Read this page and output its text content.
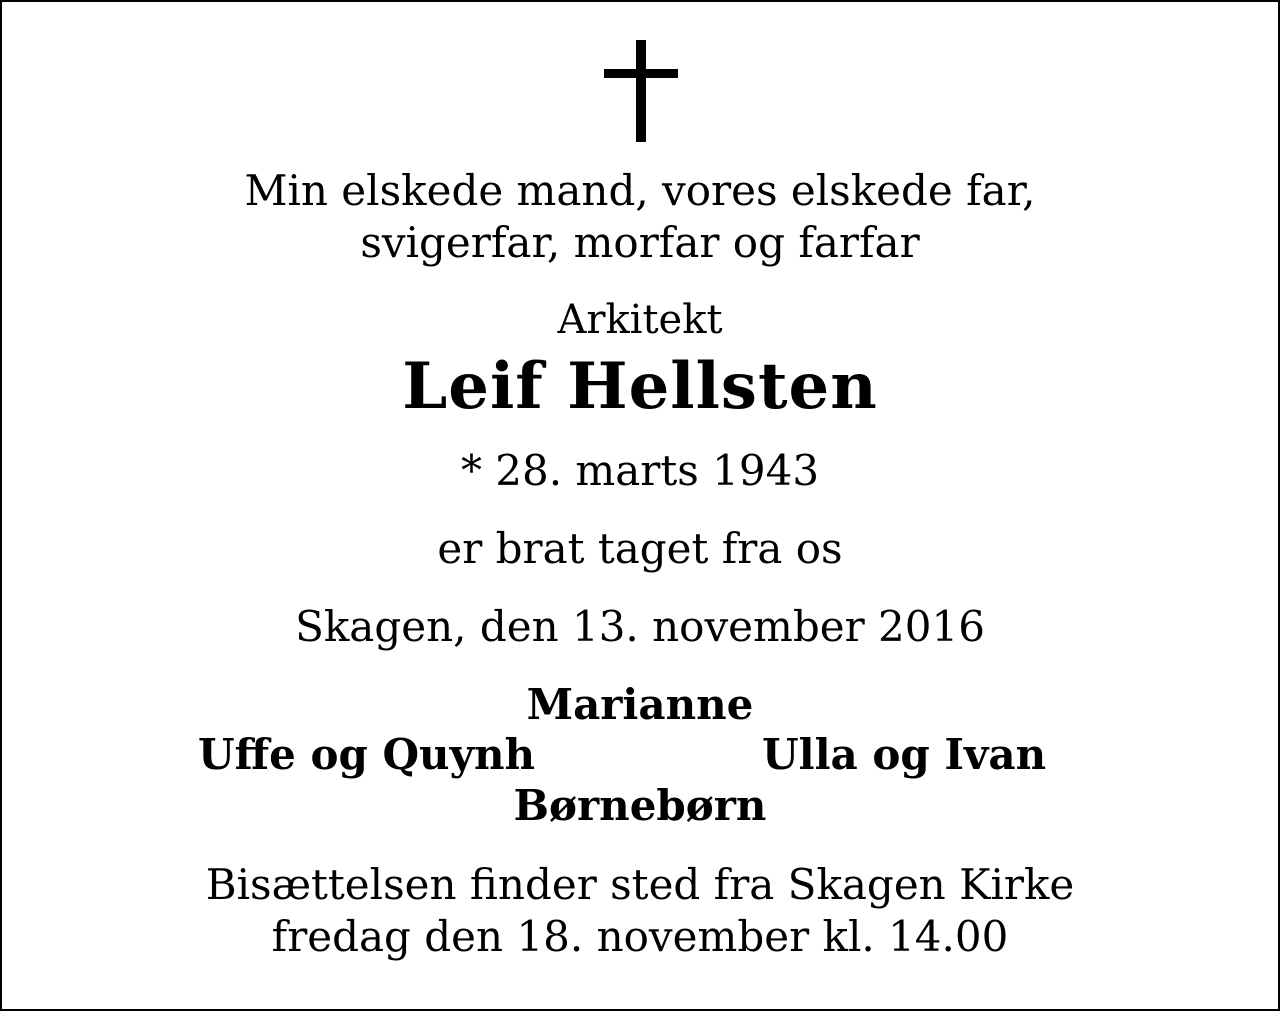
Min elskede mand, vores elskede far,
svigerfar, morfar og farfar
Arkitekt
Leif Hellsten
* 28. marts 1943
er brat taget fra os
Skagen, den 13. november 2016
Marianne
Uffe og Quynh	Ulla og Ivan
Børnebørn
Bisættelsen finder sted fra Skagen Kirke
fredag den 18. november kl. 14.00
